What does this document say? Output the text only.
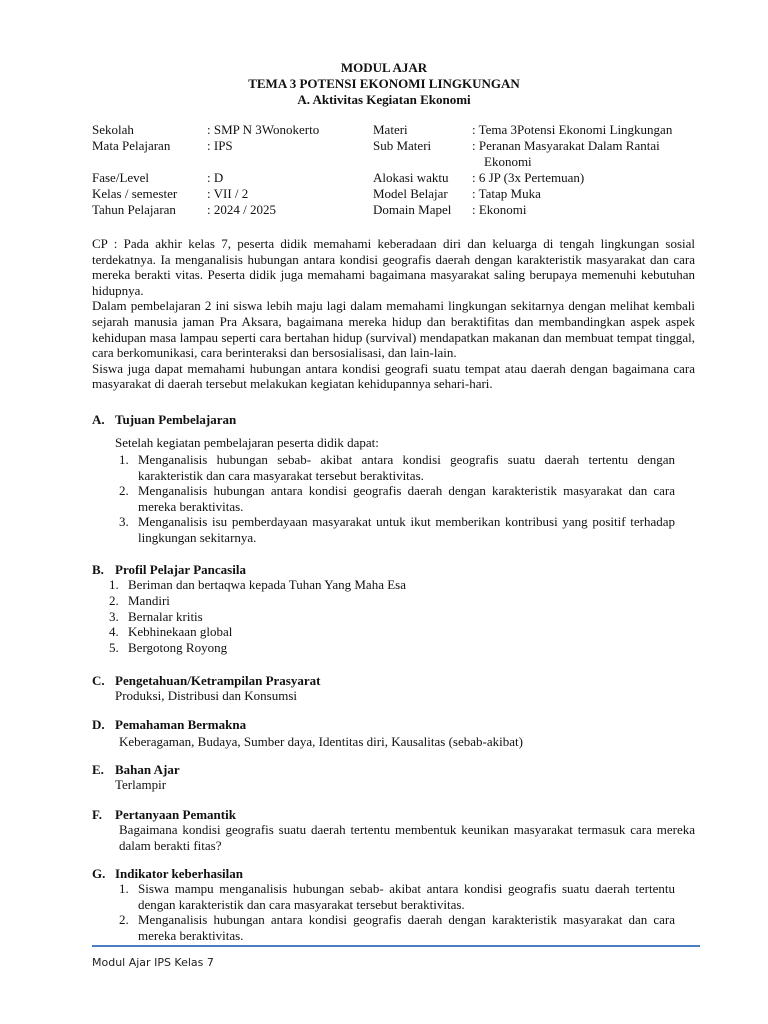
MODUL AJAR
TEMA 3 POTENSI EKONOMI LINGKUNGAN
A. Aktivitas Kegiatan Ekonomi
Sekolah	: SMP N 3Wonokerto	Materi	: Tema 3Potensi Ekonomi Lingkungan
Mata Pelajaran	: IPS	Sub Materi	: Peranan Masyarakat Dalam Rantai
Ekonomi
Fase/Level	: D	Alokasi waktu : 6 JP (3x Pertemuan)
Kelas / semester : VII / 2	Model Belajar : Tatap Muka
Tahun Pelajaran : 2024 / 2025	Domain Mapel : Ekonomi

CP : Pada akhir kelas 7, peserta didik memahami keberadaan diri dan keluarga di tengah lingkungan sosial terdekatnya. Ia menganalisis hubungan antara kondisi geografis daerah dengan karakteristik masyarakat dan cara mereka berakti vitas. Peserta didik juga memahami bagaimana masyarakat saling berupaya memenuhi kebutuhan hidupnya.

Dalam pembelajaran 2 ini siswa lebih maju lagi dalam memahami lingkungan sekitarnya dengan melihat kembali sejarah manusia jaman Pra Aksara, bagaimana mereka hidup dan beraktifitas dan membandingkan aspek aspek kehidupan masa lampau seperti cara bertahan hidup (survival) mendapatkan makanan dan membuat tempat tinggal, cara berkomunikasi, cara berinteraksi dan bersosialisasi, dan lain-lain.

Siswa juga dapat memahami hubungan antara kondisi geografi suatu tempat atau daerah dengan bagaimana cara masyarakat di daerah tersebut melakukan kegiatan kehidupannya sehari-hari.

A. Tujuan Pembelajaran
Setelah kegiatan pembelajaran peserta didik dapat:
1. Menganalisis hubungan sebab- akibat antara kondisi geografis suatu daerah tertentu dengan karakteristik dan cara masyarakat tersebut beraktivitas.
2. Menganalisis hubungan antara kondisi geografis daerah dengan karakteristik masyarakat dan cara mereka beraktivitas.
3. Menganalisis isu pemberdayaan masyarakat untuk ikut memberikan kontribusi yang positif terhadap lingkungan sekitarnya.
B. Profil Pelajar Pancasila
1. Beriman dan bertaqwa kepada Tuhan Yang Maha Esa
2. Mandiri
3. Bernalar kritis
4. Kebhinekaan global
5. Bergotong Royong
C. Pengetahuan/Ketrampilan Prasyarat
Produksi, Distribusi dan Konsumsi
D. Pemahaman Bermakna
Keberagaman, Budaya, Sumber daya, Identitas diri, Kausalitas (sebab-akibat)
E. Bahan Ajar
Terlampir
F. Pertanyaan Pemantik
Bagaimana kondisi geografis suatu daerah tertentu membentuk keunikan masyarakat termasuk cara mereka dalam berakti fitas?
G. Indikator keberhasilan
1. Siswa mampu menganalisis hubungan sebab- akibat antara kondisi geografis suatu daerah tertentu dengan karakteristik dan cara masyarakat tersebut beraktivitas.
2. Menganalisis hubungan antara kondisi geografis daerah dengan karakteristik masyarakat dan cara mereka beraktivitas.
Modul Ajar IPS Kelas 7
